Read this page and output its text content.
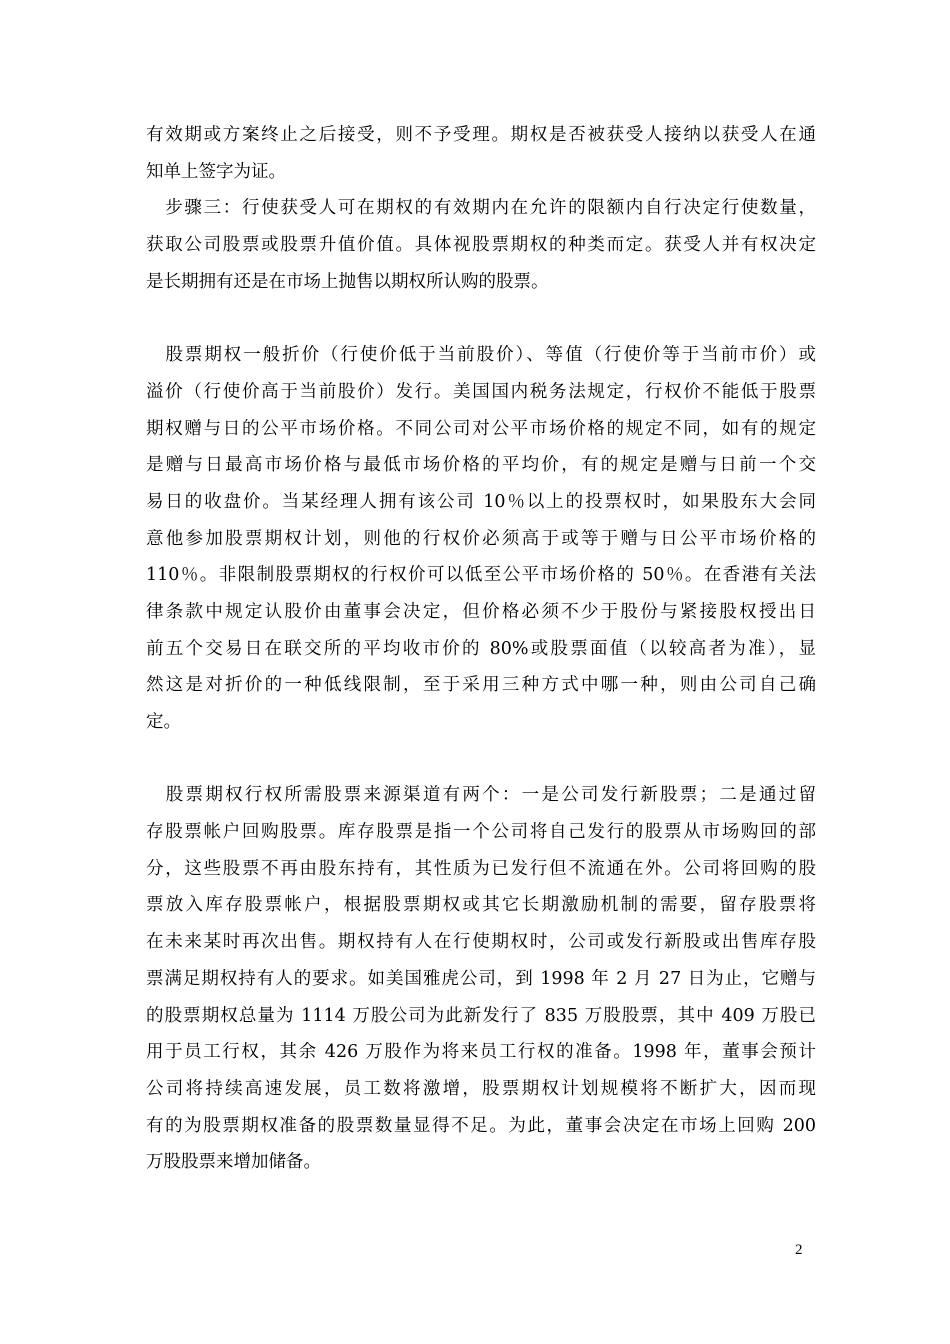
有效期或方案终止之后接受，则不予受理。期权是否被获受人接纳以获受人在通
知单上签字为证。
　步骤三：行使获受人可在期权的有效期内在允许的限额内自行决定行使数量，
获取公司股票或股票升值价值。具体视股票期权的种类而定。获受人并有权决定
是长期拥有还是在市场上抛售以期权所认购的股票。
　股票期权一般折价（行使价低于当前股价）、等值（行使价等于当前市价）或
溢价（行使价高于当前股价）发行。美国国内税务法规定，行权价不能低于股票
期权赠与日的公平市场价格。不同公司对公平市场价格的规定不同，如有的规定
是赠与日最高市场价格与最低市场价格的平均价，有的规定是赠与日前一个交
易日的收盘价。当某经理人拥有该公司 10％以上的投票权时，如果股东大会同
意他参加股票期权计划，则他的行权价必须高于或等于赠与日公平市场价格的
110％。非限制股票期权的行权价可以低至公平市场价格的 50％。在香港有关法
律条款中规定认股价由董事会决定，但价格必须不少于股份与紧接股权授出日
前五个交易日在联交所的平均收市价的 80%或股票面值（以较高者为准），显
然这是对折价的一种低线限制，至于采用三种方式中哪一种，则由公司自己确
定。
　股票期权行权所需股票来源渠道有两个：一是公司发行新股票；二是通过留
存股票帐户回购股票。库存股票是指一个公司将自己发行的股票从市场购回的部
分，这些股票不再由股东持有，其性质为已发行但不流通在外。公司将回购的股
票放入库存股票帐户，根据股票期权或其它长期激励机制的需要，留存股票将
在未来某时再次出售。期权持有人在行使期权时，公司或发行新股或出售库存股
票满足期权持有人的要求。如美国雅虎公司，到 1998 年 2 月 27 日为止，它赠与
的股票期权总量为 1114 万股公司为此新发行了 835 万股股票，其中 409 万股已
用于员工行权，其余 426 万股作为将来员工行权的准备。1998 年，董事会预计
公司将持续高速发展，员工数将激增，股票期权计划规模将不断扩大，因而现
有的为股票期权准备的股票数量显得不足。为此，董事会决定在市场上回购 200
万股股票来增加储备。
2
